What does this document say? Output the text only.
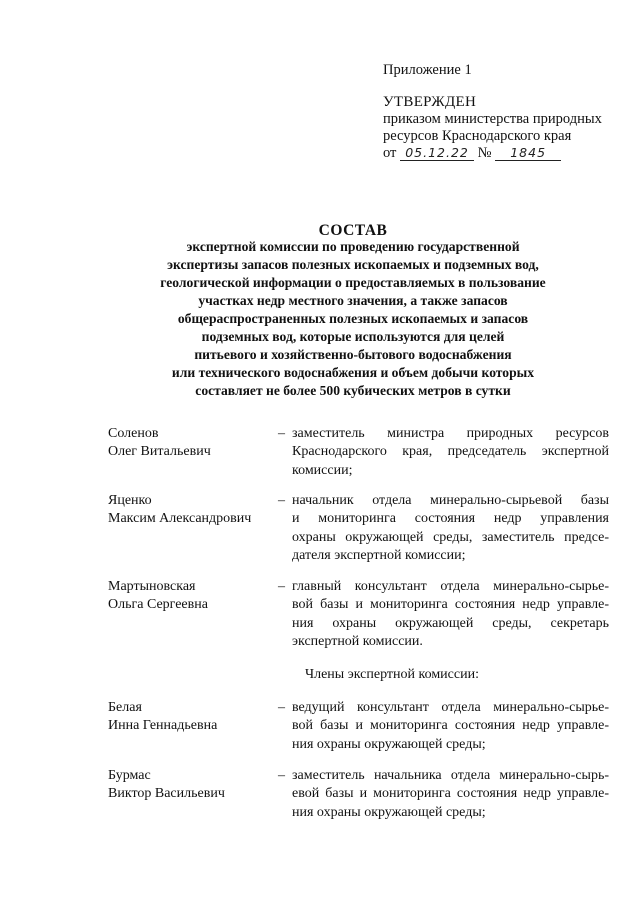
Приложение 1

УТВЕРЖДЕН

приказом министерства природных

ресурсов Краснодарского края

от 05.12.22 № 1845

СОСТАВ
экспертной комиссии по проведению государственной
экспертизы запасов полезных ископаемых и подземных вод,
геологической информации о предоставляемых в пользование
участках недр местного значения, а также запасов
общераспространенных полезных ископаемых и запасов
подземных вод, которые используются для целей
питьевого и хозяйственно-бытового водоснабжения
или технического водоснабжения и объем добычи которых
составляет не более 500 кубических метров в сутки
Соленов
Олег Витальевич
– заместитель министра природных ресурсов
Краснодарского края, председатель экспертной
комиссии;
Яценко
Максим Александрович
– начальник отдела минерально-сырьевой базы
и мониторинга состояния недр управления
охраны окружающей среды, заместитель предсе-
дателя экспертной комиссии;
Мартыновская
Ольга Сергеевна
– главный консультант отдела минерально-сырье-
вой базы и мониторинга состояния недр управле-
ния охраны окружающей среды, секретарь
экспертной комиссии.
Члены экспертной комиссии:
Белая
Инна Геннадьевна
– ведущий консультант отдела минерально-сырье-
вой базы и мониторинга состояния недр управле-
ния охраны окружающей среды;
Бурмас
Виктор Васильевич
– заместитель начальника отдела минерально-сырь-
евой базы и мониторинга состояния недр управле-
ния охраны окружающей среды;
